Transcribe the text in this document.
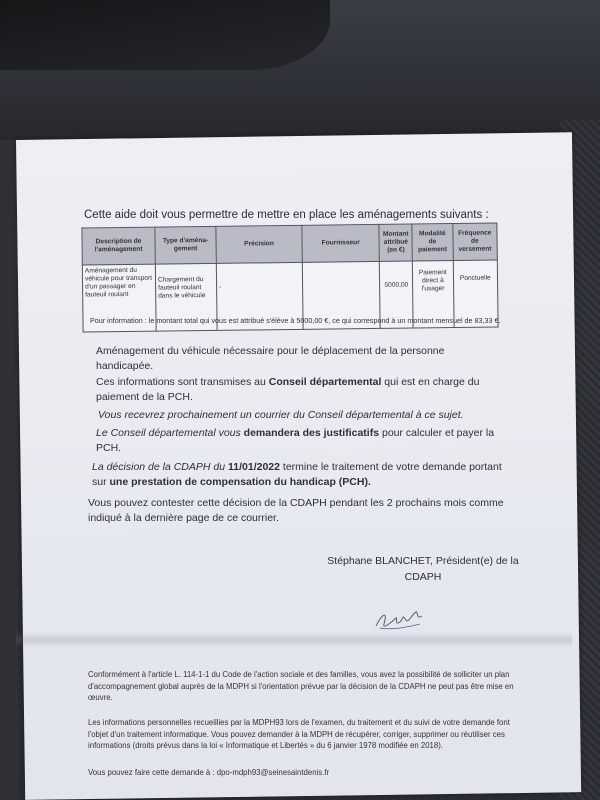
Cette aide doit vous permettre de mettre en place les aménagements suivants :
Description de l'aménagement	Type d'aména-gement	Précision	Fournisseur	Montant attribué (en €)	Modalité de paiement	Fréquence de versement
Aménagement du véhicule pour transport d'un passager en fauteuil roulant	Chargement du fauteuil roulant dans le véhicule	-		5000,00	Paiement direct à l'usager	Ponctuelle
Pour information : le montant total qui vous est attribué s'élève à 5000,00 €, ce qui correspond à un montant mensuel de 83,33 €.
Aménagement du véhicule nécessaire pour le déplacement de la personne handicapée.
Ces informations sont transmises au Conseil départemental qui est en charge du paiement de la PCH.
Vous recevrez prochainement un courrier du Conseil départemental à ce sujet.
Le Conseil départemental vous demandera des justificatifs pour calculer et payer la PCH.
La décision de la CDAPH du 11/01/2022 termine le traitement de votre demande portant sur une prestation de compensation du handicap (PCH).
Vous pouvez contester cette décision de la CDAPH pendant les 2 prochains mois comme indiqué à la dernière page de ce courrier.
Stéphane BLANCHET, Président(e) de la
CDAPH
Conformément à l'article L. 114-1-1 du Code de l'action sociale et des familles, vous avez la possibilité de solliciter un plan d'accompagnement global auprès de la MDPH si l'orientation prévue par la décision de la CDAPH ne peut pas être mise en œuvre.
Les informations personnelles recueillies par la MDPH93 lors de l'examen, du traitement et du suivi de votre demande font l'objet d'un traitement informatique. Vous pouvez demander à la MDPH de récupérer, corriger, supprimer ou réutiliser ces informations (droits prévus dans la loi « Informatique et Libertés » du 6 janvier 1978 modifiée en 2018).
Vous pouvez faire cette demande à : dpo-mdph93@seinesaintdenis.fr
